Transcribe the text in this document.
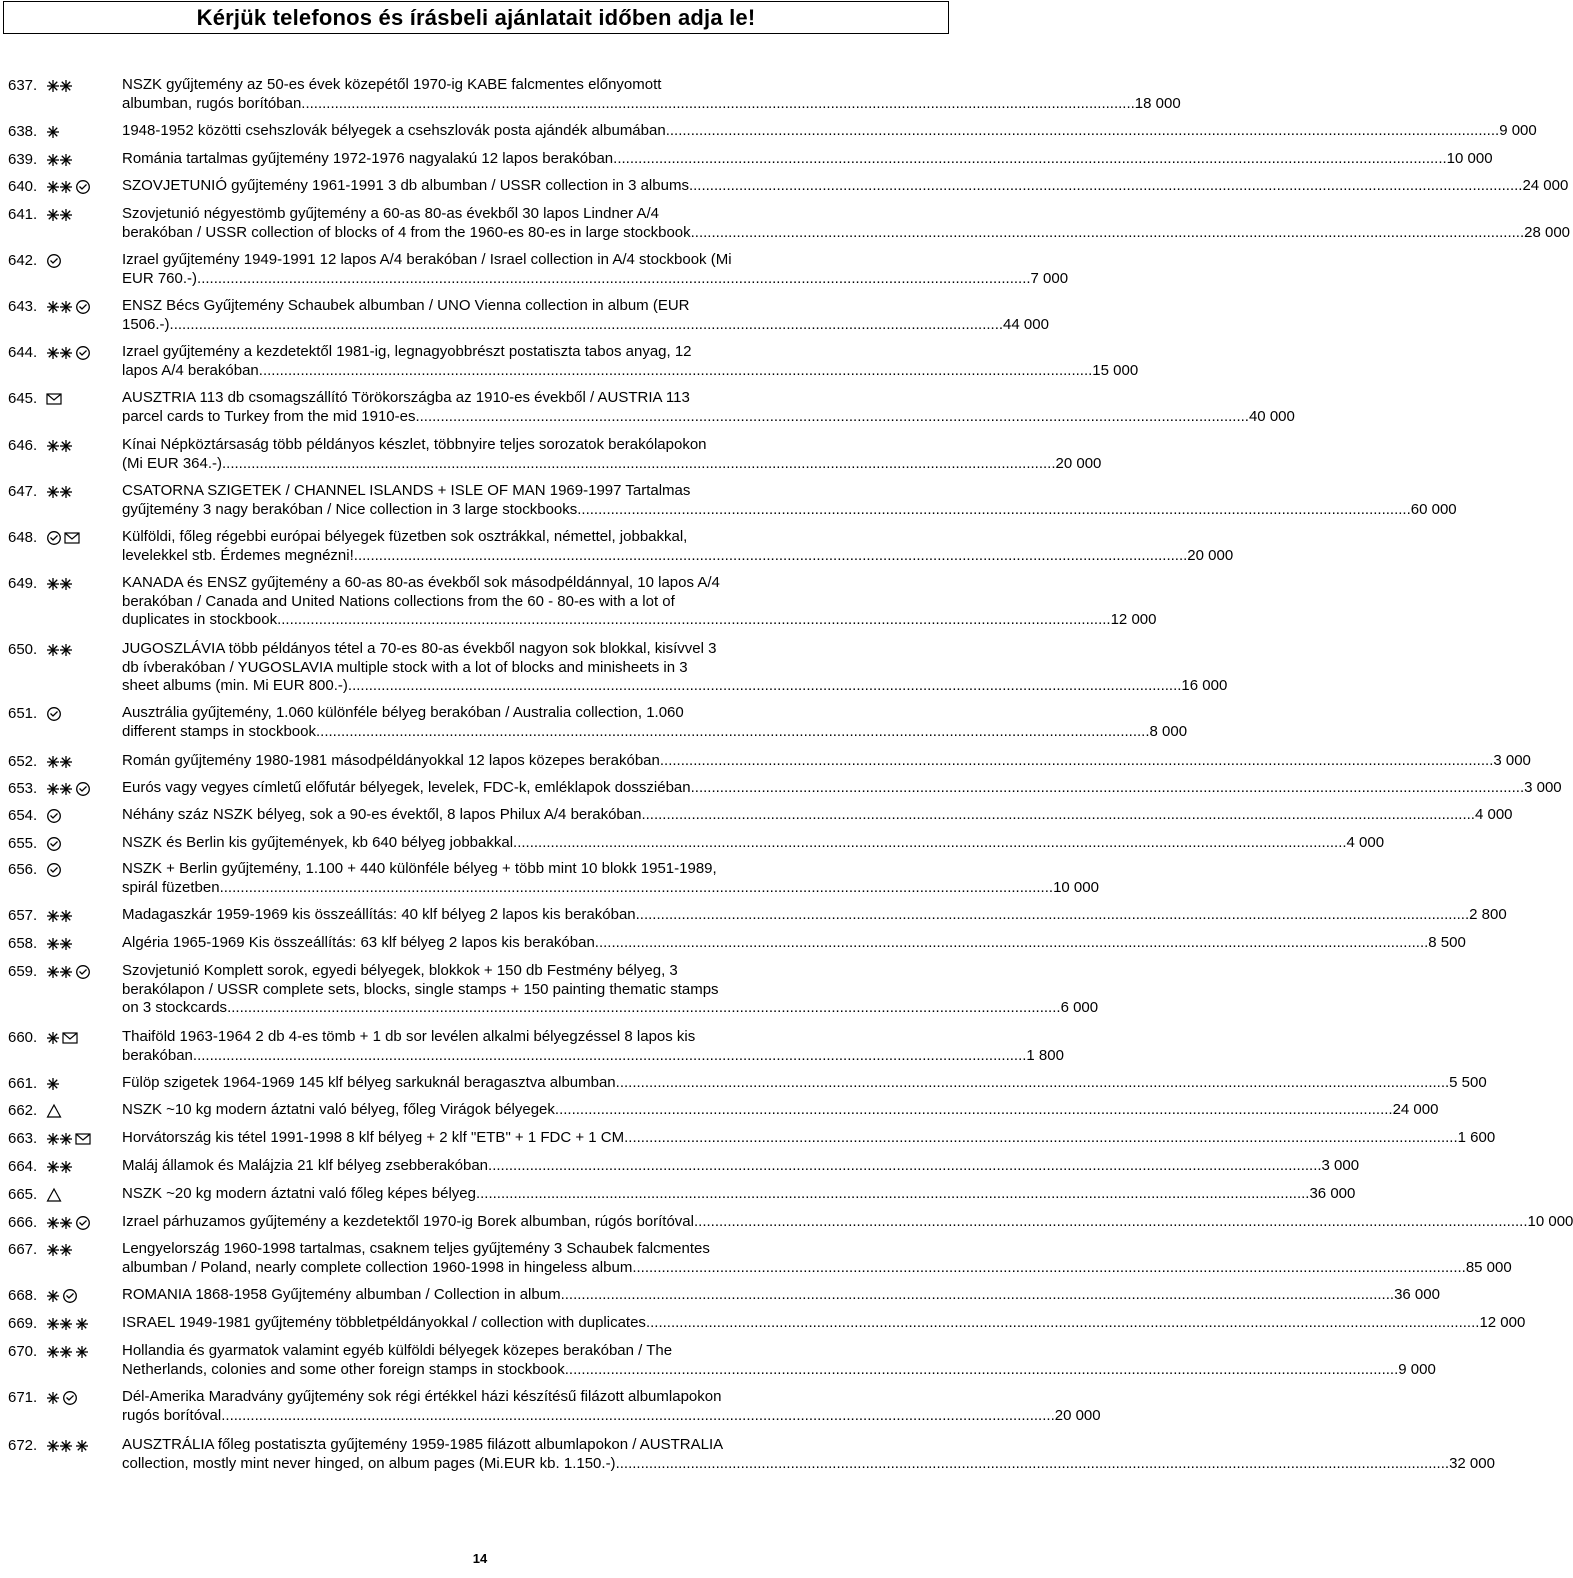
Kérjük telefonos és írásbeli ajánlatait időben adja le!
637.	NSZK gyűjtemény az 50-es évek közepétől 1970-ig KABE falcmentes előnyomott
albumban, rugós borítóban ........................................................................................................................................................................................................ 18 000
638.	1948-1952 közötti csehszlovák bélyegek a csehszlovák posta ajándék albumában ........................................................................................................................................................................................................ 9 000
639.	Románia tartalmas gyűjtemény 1972-1976 nagyalakú 12 lapos berakóban ........................................................................................................................................................................................................ 10 000
640.	SZOVJETUNIÓ gyűjtemény 1961-1991 3 db albumban / USSR collection in 3 albums ........................................................................................................................................................................................................ 24 000
641.	Szovjetunió négyestömb gyűjtemény a 60-as 80-as évekből 30 lapos Lindner A/4
berakóban / USSR collection of blocks of 4 from the 1960-es 80-es in large stockbook ........................................................................................................................................................................................................ 28 000
642.	Izrael gyűjtemény 1949-1991 12 lapos A/4 berakóban / Israel collection in A/4 stockbook (Mi
EUR 760.-) ........................................................................................................................................................................................................ 7 000
643.	ENSZ Bécs Gyűjtemény Schaubek albumban / UNO Vienna collection in album (EUR
1506.-) ........................................................................................................................................................................................................ 44 000
644.	Izrael gyűjtemény a kezdetektől 1981-ig, legnagyobbrészt postatiszta tabos anyag, 12
lapos A/4 berakóban ........................................................................................................................................................................................................ 15 000
645.	AUSZTRIA 113 db csomagszállító Törökországba az 1910-es évekből / AUSTRIA 113
parcel cards to Turkey from the mid 1910-es ........................................................................................................................................................................................................ 40 000
646.	Kínai Népköztársaság több példányos készlet, többnyire teljes sorozatok berakólapokon
(Mi EUR 364.-) ........................................................................................................................................................................................................ 20 000
647.	CSATORNA SZIGETEK / CHANNEL ISLANDS + ISLE OF MAN 1969-1997 Tartalmas
gyűjtemény 3 nagy berakóban / Nice collection in 3 large stockbooks ........................................................................................................................................................................................................ 60 000
648.	Külföldi, főleg régebbi európai bélyegek füzetben sok osztrákkal, némettel, jobbakkal,
levelekkel stb. Érdemes megnézni! ........................................................................................................................................................................................................ 20 000
649.	KANADA és ENSZ gyűjtemény a 60-as 80-as évekből sok másodpéldánnyal, 10 lapos A/4
berakóban / Canada and United Nations collections from the 60 - 80-es with a lot of
duplicates in stockbook ........................................................................................................................................................................................................ 12 000
650.	JUGOSZLÁVIA több példányos tétel a 70-es 80-as évekből nagyon sok blokkal, kisívvel 3
db ívberakóban / YUGOSLAVIA multiple stock with a lot of blocks and minisheets in 3
sheet albums (min. Mi EUR 800.-) ........................................................................................................................................................................................................ 16 000
651.	Ausztrália gyűjtemény, 1.060 különféle bélyeg berakóban / Australia collection, 1.060
different stamps in stockbook ........................................................................................................................................................................................................ 8 000
652.	Román gyűjtemény 1980-1981 másodpéldányokkal 12 lapos közepes berakóban ........................................................................................................................................................................................................ 3 000
653.	Eurós vagy vegyes címletű előfutár bélyegek, levelek, FDC-k, emléklapok dossziéban ........................................................................................................................................................................................................ 3 000
654.	Néhány száz NSZK bélyeg, sok a 90-es évektől, 8 lapos Philux A/4 berakóban ........................................................................................................................................................................................................ 4 000
655.	NSZK és Berlin kis gyűjtemények, kb 640 bélyeg jobbakkal ........................................................................................................................................................................................................ 4 000
656.	NSZK + Berlin gyűjtemény, 1.100 + 440 különféle bélyeg + több mint 10 blokk 1951-1989,
spirál füzetben ........................................................................................................................................................................................................ 10 000
657.	Madagaszkár 1959-1969 kis összeállítás: 40 klf bélyeg 2 lapos kis berakóban ........................................................................................................................................................................................................ 2 800
658.	Algéria 1965-1969 Kis összeállítás: 63 klf bélyeg 2 lapos kis berakóban ........................................................................................................................................................................................................ 8 500
659.	Szovjetunió Komplett sorok, egyedi bélyegek, blokkok + 150 db Festmény bélyeg, 3
berakólapon / USSR complete sets, blocks, single stamps + 150 painting thematic stamps
on 3 stockcards ........................................................................................................................................................................................................ 6 000
660.	Thaiföld 1963-1964 2 db 4-es tömb + 1 db sor levélen alkalmi bélyegzéssel 8 lapos kis
berakóban ........................................................................................................................................................................................................ 1 800
661.	Fülöp szigetek 1964-1969 145 klf bélyeg sarkuknál beragasztva albumban ........................................................................................................................................................................................................ 5 500
662.	NSZK ~10 kg modern áztatni való bélyeg, főleg Virágok bélyegek. ........................................................................................................................................................................................................ 24 000
663.	Horvátország kis tétel 1991-1998 8 klf bélyeg + 2 klf "ETB" + 1 FDC + 1 CM ........................................................................................................................................................................................................ 1 600
664.	Maláj államok és Malájzia 21 klf bélyeg zsebberakóban ........................................................................................................................................................................................................ 3 000
665.	NSZK ~20 kg modern áztatni való főleg képes bélyeg ........................................................................................................................................................................................................ 36 000
666.	Izrael párhuzamos gyűjtemény a kezdetektől 1970-ig Borek albumban, rúgós borítóval ........................................................................................................................................................................................................ 10 000
667.	Lengyelország 1960-1998 tartalmas, csaknem teljes gyűjtemény 3 Schaubek falcmentes
albumban / Poland, nearly complete collection 1960-1998 in hingeless album ........................................................................................................................................................................................................ 85 000
668.	ROMANIA 1868-1958 Gyűjtemény albumban / Collection in album ........................................................................................................................................................................................................ 36 000
669.	ISRAEL 1949-1981 gyűjtemény többletpéldányokkal / collection with duplicates ........................................................................................................................................................................................................ 12 000
670.	Hollandia és gyarmatok valamint egyéb külföldi bélyegek közepes berakóban / The
Netherlands, colonies and some other foreign stamps in stockbook ........................................................................................................................................................................................................ 9 000
671.	Dél-Amerika Maradvány gyűjtemény sok régi értékkel házi készítésű filázott albumlapokon
rugós borítóval ........................................................................................................................................................................................................ 20 000
672.	AUSZTRÁLIA főleg postatiszta gyűjtemény 1959-1985 filázott albumlapokon / AUSTRALIA
collection, mostly mint never hinged, on album pages (Mi.EUR kb. 1.150.-) ........................................................................................................................................................................................................ 32 000
14
